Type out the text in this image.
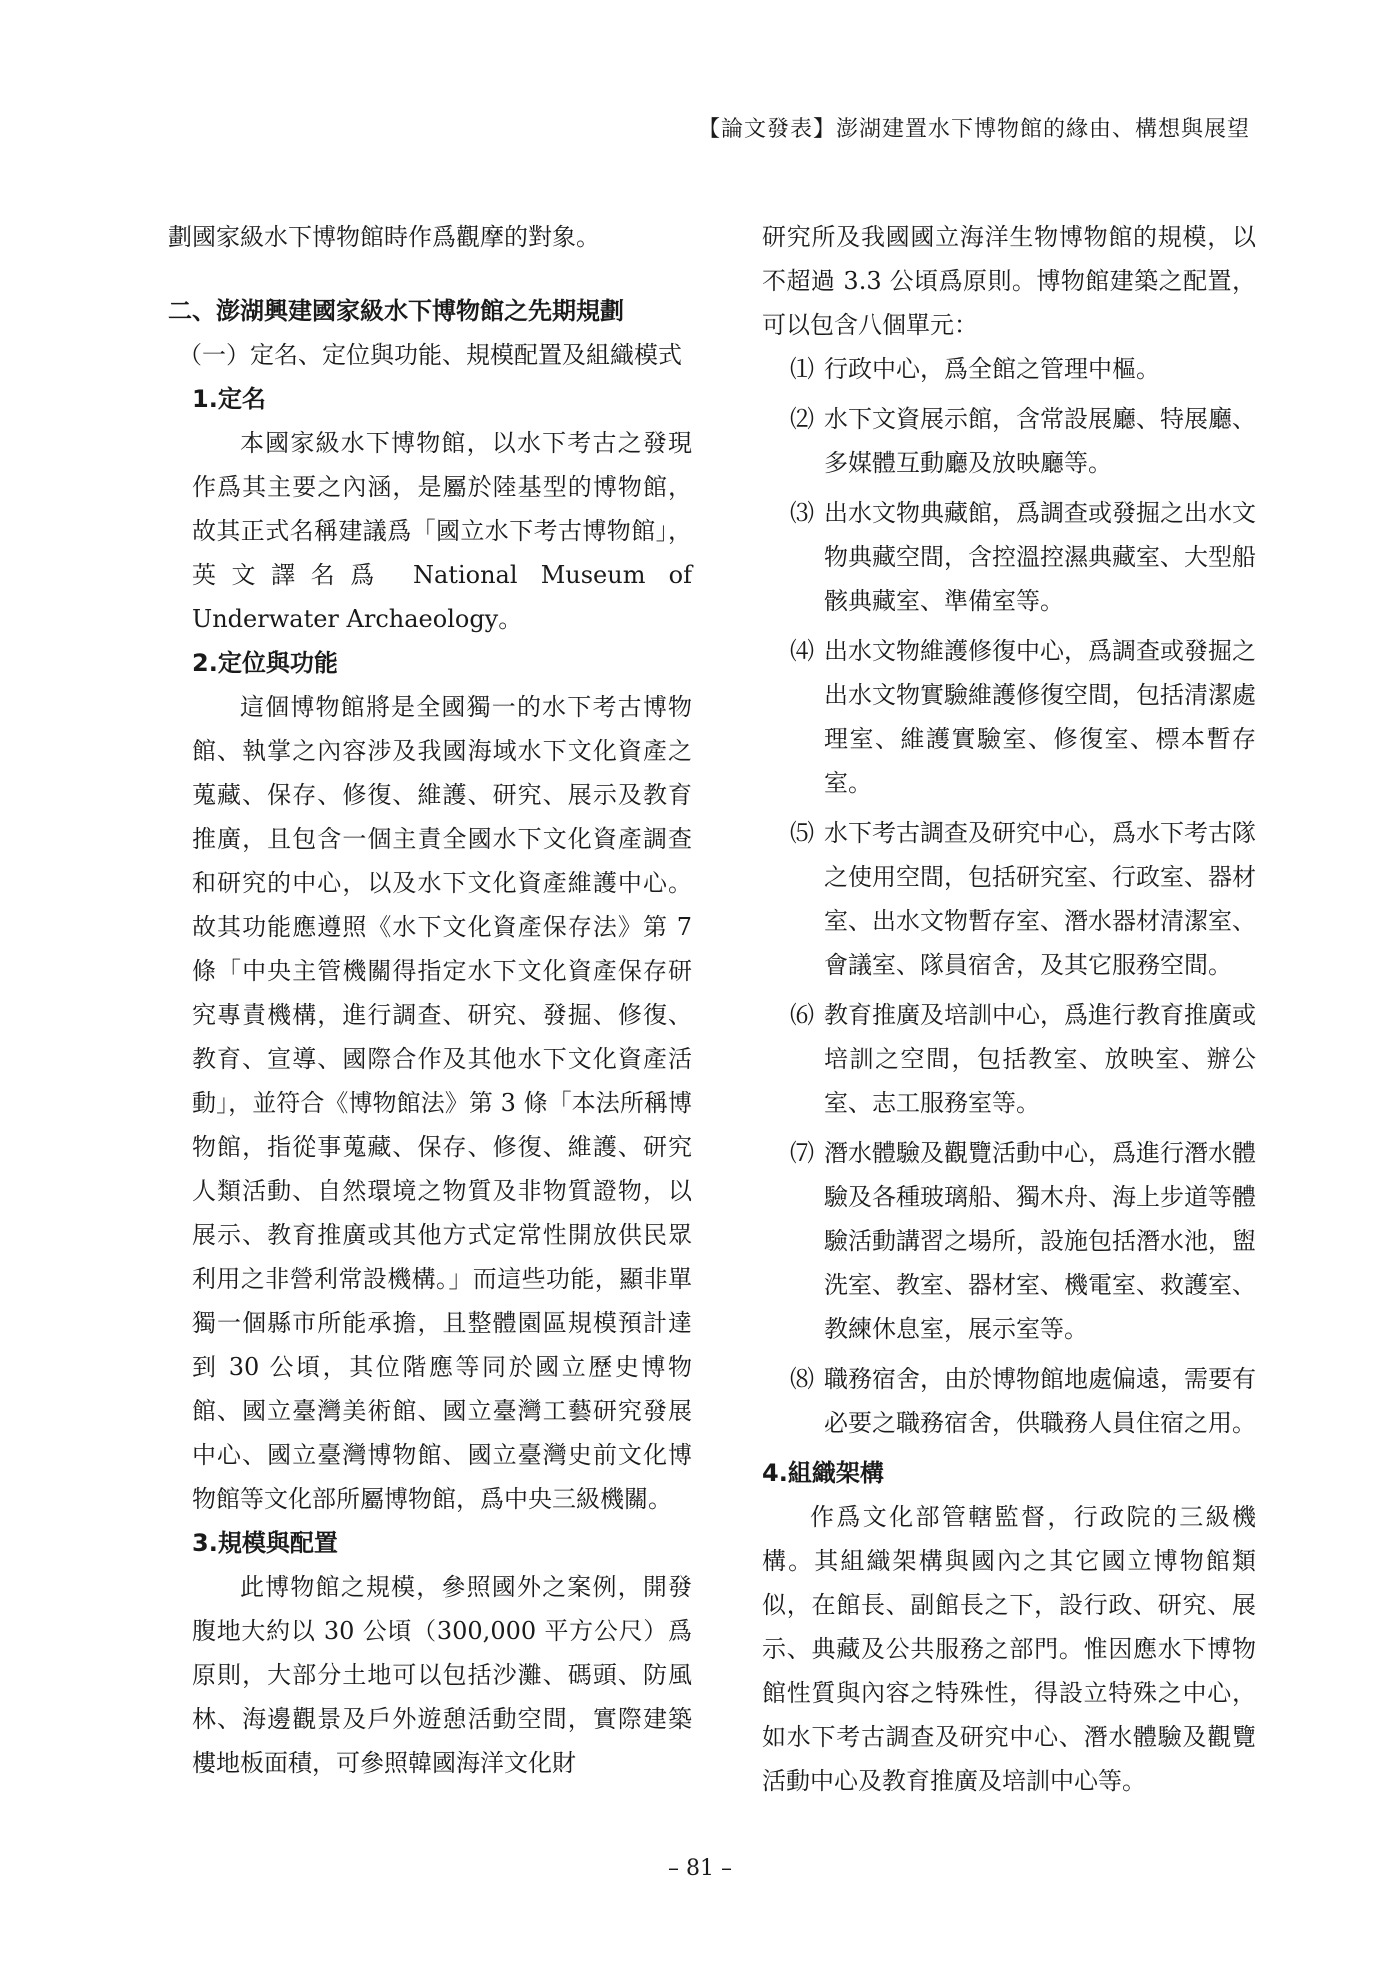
【論文發表】澎湖建置水下博物館的緣由、構想與展望

劃國家級水下博物館時作爲觀摩的對象。

二、澎湖興建國家級水下博物館之先期規劃

（一）定名、定位與功能、規模配置及組織模式

1.定名

本國家級水下博物館，以水下考古之發現作爲其主要之內涵，是屬於陸基型的博物館，故其正式名稱建議爲「國立水下考古博物館」，英文譯名爲 National Museum of Underwater Archaeology。

2.定位與功能

這個博物館將是全國獨一的水下考古博物館、執掌之內容涉及我國海域水下文化資產之蒐藏、保存、修復、維護、研究、展示及教育推廣，且包含一個主責全國水下文化資產調查和研究的中心，以及水下文化資產維護中心。故其功能應遵照《水下文化資產保存法》第 7 條「中央主管機關得指定水下文化資產保存研究專責機構，進行調查、研究、發掘、修復、教育、宣導、國際合作及其他水下文化資產活動」，並符合《博物館法》第 3 條「本法所稱博物館，指從事蒐藏、保存、修復、維護、研究人類活動、自然環境之物質及非物質證物，以展示、教育推廣或其他方式定常性開放供民眾利用之非營利常設機構。」而這些功能，顯非單獨一個縣市所能承擔，且整體園區規模預計達到 30 公頃，其位階應等同於國立歷史博物館、國立臺灣美術館、國立臺灣工藝研究發展中心、國立臺灣博物館、國立臺灣史前文化博物館等文化部所屬博物館，爲中央三級機關。

3.規模與配置

此博物館之規模，參照國外之案例，開發腹地大約以 30 公頃（300,000 平方公尺）爲原則，大部分土地可以包括沙灘、碼頭、防風林、海邊觀景及戶外遊憩活動空間，實際建築樓地板面積，可參照韓國海洋文化財

研究所及我國國立海洋生物博物館的規模，以不超過 3.3 公頃爲原則。博物館建築之配置，可以包含八個單元：

⑴ 行政中心，爲全館之管理中樞。

⑵ 水下文資展示館，含常設展廳、特展廳、多媒體互動廳及放映廳等。

⑶ 出水文物典藏館，爲調查或發掘之出水文物典藏空間，含控溫控濕典藏室、大型船骸典藏室、準備室等。

⑷ 出水文物維護修復中心，爲調查或發掘之出水文物實驗維護修復空間，包括清潔處理室、維護實驗室、修復室、標本暫存室。

⑸ 水下考古調查及研究中心，爲水下考古隊之使用空間，包括研究室、行政室、器材室、出水文物暫存室、潛水器材清潔室、會議室、隊員宿舍，及其它服務空間。

⑹ 教育推廣及培訓中心，爲進行教育推廣或培訓之空間，包括教室、放映室、辦公室、志工服務室等。

⑺ 潛水體驗及觀覽活動中心，爲進行潛水體驗及各種玻璃船、獨木舟、海上步道等體驗活動講習之場所，設施包括潛水池，盥洗室、教室、器材室、機電室、救護室、教練休息室，展示室等。

⑻ 職務宿舍，由於博物館地處偏遠，需要有必要之職務宿舍，供職務人員住宿之用。

4.組織架構

作爲文化部管轄監督，行政院的三級機構。其組織架構與國內之其它國立博物館類似，在館長、副館長之下，設行政、研究、展示、典藏及公共服務之部門。惟因應水下博物館性質與內容之特殊性，得設立特殊之中心，如水下考古調查及研究中心、潛水體驗及觀覽活動中心及教育推廣及培訓中心等。

– 81 –
